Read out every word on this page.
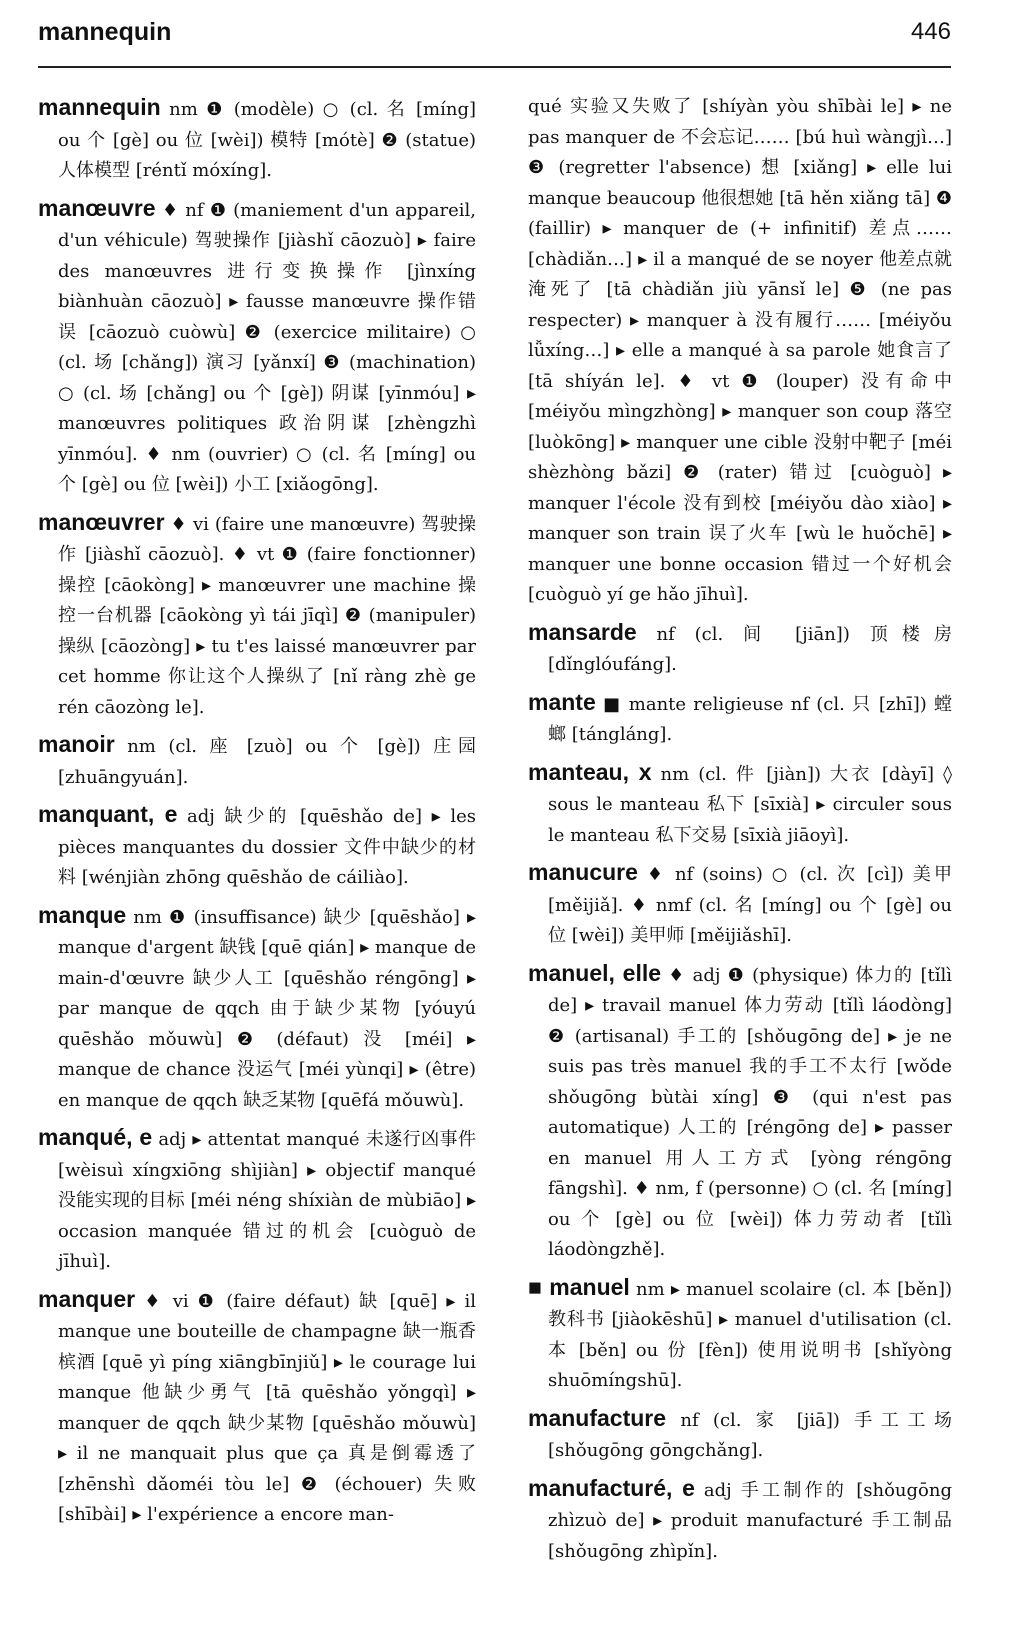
mannequin	446
mannequin nm ❶ (modèle) ○ (cl. 名 [míng] ou 个 [gè] ou 位 [wèi]) 模特 [mótè] ❷ (statue) 人体模型 [réntǐ móxíng].
manœuvre ♦ nf ❶ (maniement d'un appareil, d'un véhicule) 驾驶操作 [jiàshǐ cāozuò] ▸ faire des manœuvres 进行变换操作 [jìnxíng biànhuàn cāozuò] ▸ fausse manœuvre 操作错误 [cāozuò cuòwù] ❷ (exercice militaire) ○ (cl. 场 [chǎng]) 演习 [yǎnxí] ❸ (machination) ○ (cl. 场 [chǎng] ou 个 [gè]) 阴谋 [yīnmóu] ▸ manœuvres politiques 政治阴谋 [zhèngzhì yīnmóu]. ♦ nm (ouvrier) ○ (cl. 名 [míng] ou 个 [gè] ou 位 [wèi]) 小工 [xiǎogōng].
manœuvrer ♦ vi (faire une manœuvre) 驾驶操作 [jiàshǐ cāozuò]. ♦ vt ❶ (faire fonctionner) 操控 [cāokòng] ▸ manœuvrer une machine 操控一台机器 [cāokòng yì tái jīqì] ❷ (manipuler) 操纵 [cāozòng] ▸ tu t'es laissé manœuvrer par cet homme 你让这个人操纵了 [nǐ ràng zhè ge rén cāozòng le].
manoir nm (cl. 座 [zuò] ou 个 [gè]) 庄园 [zhuāngyuán].
manquant, e adj 缺少的 [quēshǎo de] ▸ les pièces manquantes du dossier 文件中缺少的材料 [wénjiàn zhōng quēshǎo de cáiliào].
manque nm ❶ (insuffisance) 缺少 [quēshǎo] ▸ manque d'argent 缺钱 [quē qián] ▸ manque de main-d'œuvre 缺少人工 [quēshǎo réngōng] ▸ par manque de qqch 由于缺少某物 [yóuyú quēshǎo mǒuwù] ❷ (défaut) 没 [méi] ▸ manque de chance 没运气 [méi yùnqi] ▸ (être) en manque de qqch 缺乏某物 [quēfá mǒuwù].
manqué, e adj ▸ attentat manqué 未遂行凶事件 [wèisuì xíngxiōng shìjiàn] ▸ objectif manqué 没能实现的目标 [méi néng shíxiàn de mùbiāo] ▸ occasion manquée 错过的机会 [cuòguò de jīhuì].
manquer ♦ vi ❶ (faire défaut) 缺 [quē] ▸ il manque une bouteille de champagne 缺一瓶香槟酒 [quē yì píng xiāngbīnjiǔ] ▸ le courage lui manque 他缺少勇气 [tā quēshǎo yǒngqì] ▸ manquer de qqch 缺少某物 [quēshǎo mǒuwù] ▸ il ne manquait plus que ça 真是倒霉透了 [zhēnshì dǎoméi tòu le] ❷ (échouer) 失败 [shībài] ▸ l'expérience a encore man-
qué 实验又失败了 [shíyàn yòu shībài le] ▸ ne pas manquer de 不会忘记…… [bú huì wàngjì…] ❸ (regretter l'absence) 想 [xiǎng] ▸ elle lui manque beaucoup 他很想她 [tā hěn xiǎng tā] ❹ (faillir) ▸ manquer de (+ infinitif) 差点…… [chàdiǎn…] ▸ il a manqué de se noyer 他差点就淹死了 [tā chàdiǎn jiù yānsǐ le] ❺ (ne pas respecter) ▸ manquer à 没有履行…… [méiyǒu lǚxíng…] ▸ elle a manqué à sa parole 她食言了 [tā shíyán le]. ♦ vt ❶ (louper) 没有命中 [méiyǒu mìngzhòng] ▸ manquer son coup 落空 [luòkōng] ▸ manquer une cible 没射中靶子 [méi shèzhòng bǎzi] ❷ (rater) 错过 [cuòguò] ▸ manquer l'école 没有到校 [méiyǒu dào xiào] ▸ manquer son train 误了火车 [wù le huǒchē] ▸ manquer une bonne occasion 错过一个好机会 [cuòguò yí ge hǎo jīhuì].
mansarde nf (cl. 间 [jiān]) 顶楼房 [dǐnglóufáng].
mante ■ mante religieuse nf (cl. 只 [zhī]) 螳螂 [tángláng].
manteau, x nm (cl. 件 [jiàn]) 大衣 [dàyī] ◊ sous le manteau 私下 [sīxià] ▸ circuler sous le manteau 私下交易 [sīxià jiāoyì].
manucure ♦ nf (soins) ○ (cl. 次 [cì]) 美甲 [měijiǎ]. ♦ nmf (cl. 名 [míng] ou 个 [gè] ou 位 [wèi]) 美甲师 [měijiǎshī].
manuel, elle ♦ adj ❶ (physique) 体力的 [tǐlì de] ▸ travail manuel 体力劳动 [tǐlì láodòng] ❷ (artisanal) 手工的 [shǒugōng de] ▸ je ne suis pas très manuel 我的手工不太行 [wǒde shǒugōng bùtài xíng] ❸ (qui n'est pas automatique) 人工的 [réngōng de] ▸ passer en manuel 用人工方式 [yòng réngōng fāngshì]. ♦ nm, f (personne) ○ (cl. 名 [míng] ou 个 [gè] ou 位 [wèi]) 体力劳动者 [tǐlì láodòngzhě].
■ manuel nm ▸ manuel scolaire (cl. 本 [běn]) 教科书 [jiàokēshū] ▸ manuel d'utilisation (cl. 本 [běn] ou 份 [fèn]) 使用说明书 [shǐyòng shuōmíngshū].
manufacture nf (cl. 家 [jiā]) 手工工场 [shǒugōng gōngchǎng].
manufacturé, e adj 手工制作的 [shǒugōng zhìzuò de] ▸ produit manufacturé 手工制品 [shǒugōng zhìpǐn].
